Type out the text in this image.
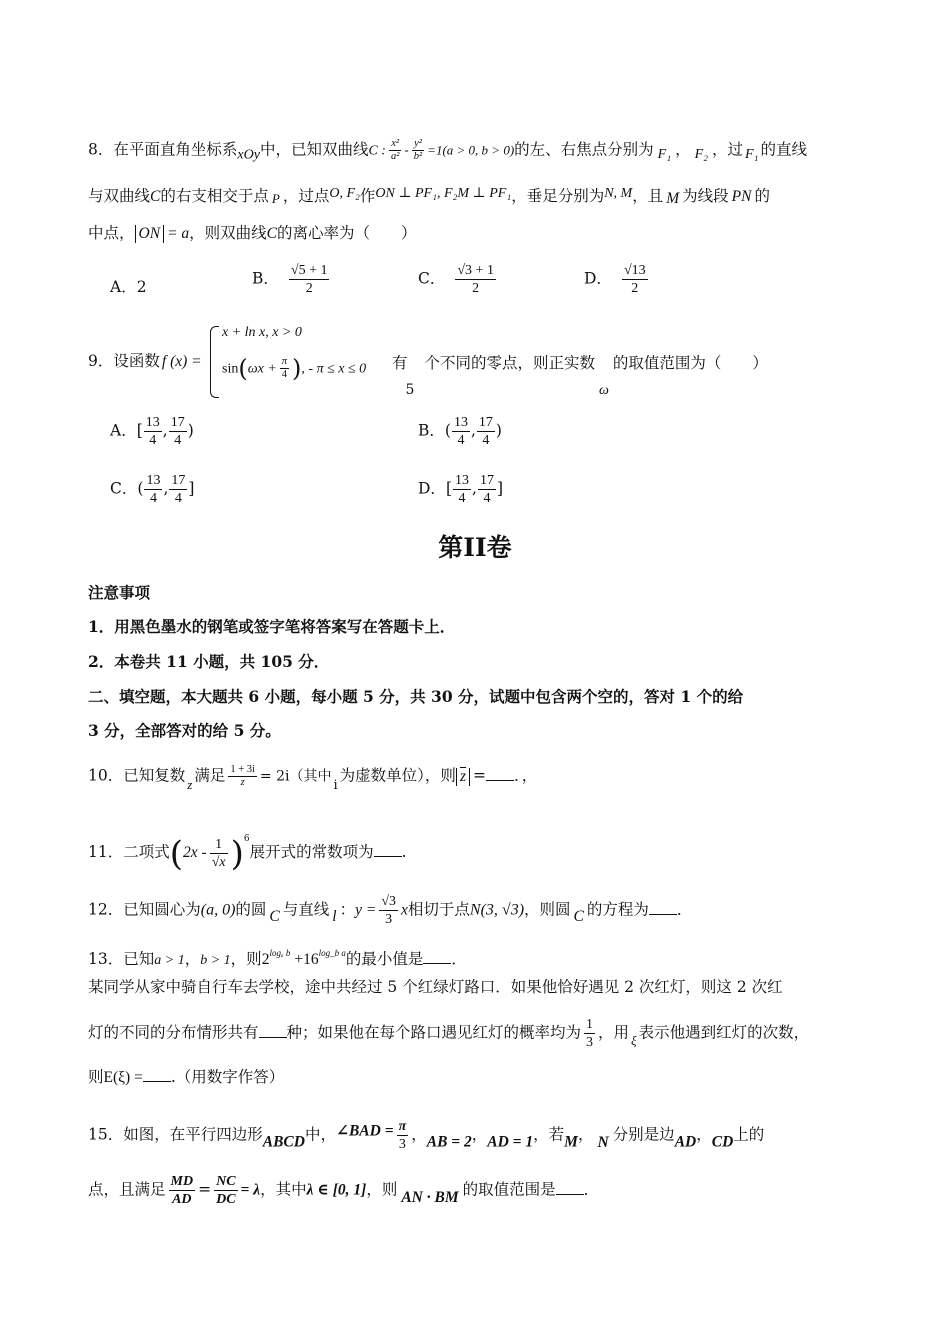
8．在平面直角坐标系xOy中，已知双曲线C : $\frac{\text{x²}}{\text{a²}} - \frac{\text{y²}}{\text{b²}} =1(a > 0$, b > 0)的左、右焦点分别为 F₁ ， F₂ ，过 F₁ 的直线
与双曲线C的右支相交于点 P ，过点O, F₂作ON ⊥ PF₁, F₂M ⊥ PF₁，垂足分别为N, M，且 M 为线段 PN 的
中点， ON = a，则双曲线C的离心率为（　　）
A．2	B． $\frac{√5 + 1}{2}$	C． $\frac{√3 + 1}{2}$	D． $\frac{√13}{2}$
9．设函数 f (x) =
x + ln x, x > 0
$\sin(\omega x + \frac{\pi}{4}$ ), - π ≤ x ≤ 0 有5个不同的零点，则正实数ω的取值范围为（　　）
A．[ $\frac{13}{4}$ , $\frac{17}{4}$ )	B．( $\frac{13}{4}$ , $\frac{17}{4}$ )
C．( $\frac{13}{4}$ , $\frac{17}{4}$ ]	D．[ $\frac{13}{4}$ , $\frac{17}{4}$ ]
第II卷
注意事项
1．用黑色墨水的钢笔或签字笔将答案写在答题卡上．
2．本卷共 11 小题，共 105 分．
二、填空题，本大题共 6 小题，每小题 5 分，共 30 分，试题中包含两个空的，答对 1 个的给
3 分，全部答对的给 5 分。
10．已知复数 $_z$ 满足 $\frac{1 + 3i}{z} = 2i$（其中$_i$为虚数单位），则 $\overline{z}$ = ．，
11．二项式$(2x - \frac{1}{√x} )^6$展开式的常数项为 .
12．已知圆心为(a, 0)的圆 C 与直线 l ：$y = \frac{√3}{3}$ x相切于点N(3, √3)，则圆 C 的方程为 ．
13．已知a > 1，b > 1，则$2^{log_a b} +16^{log\_b a}$的最小值是 ．
某同学从家中骑自行车去学校，途中共经过 5 个红绿灯路口．如果他恰好遇见 2 次红灯，则这 2 次红
灯的不同的分布情形共有 种；如果他在每个路口遇见红灯的概率均为 $\frac{1}{3}$ ，用 $_\xi$ 表示他遇到红灯的次数，
则E(ξ) = .（用数字作答）
15．如图，在平行四边形ABCD中，∠BAD = $\frac{\pi}{3}$ ，AB = 2，AD = 1，若M， N 分别是边AD，CD上的
点，且满足 $\frac{MD}{AD} = \frac{NC}{DC} = \lambda$，其中λ ∈ [0, 1]，则 AN · BM 的取值范围是 ．
